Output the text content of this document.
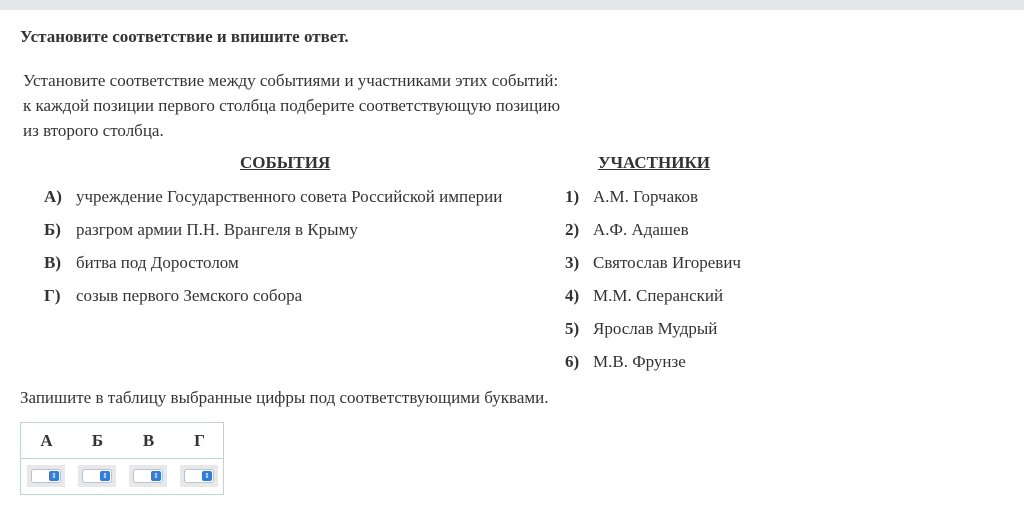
Установите соответствие и впишите ответ.
Установите соответствие между событиями и участниками этих событий:
к каждой позиции первого столбца подберите соответствующую позицию
из второго столбца.
СОБЫТИЯ	УЧАСТНИКИ
А) учреждение Государственного совета Российской империи
Б) разгром армии П.Н. Врангеля в Крыму
В) битва под Доростолом
Г) созыв первого Земского собора
1) А.М. Горчаков
2) А.Ф. Адашев
3) Святослав Игоревич
4) М.М. Сперанский
5) Ярослав Мудрый
6) М.В. Фрунзе
Запишите в таблицу выбранные цифры под соответствующими буквами.
А	Б	В	Г
⇕	⇕	⇕	⇕
